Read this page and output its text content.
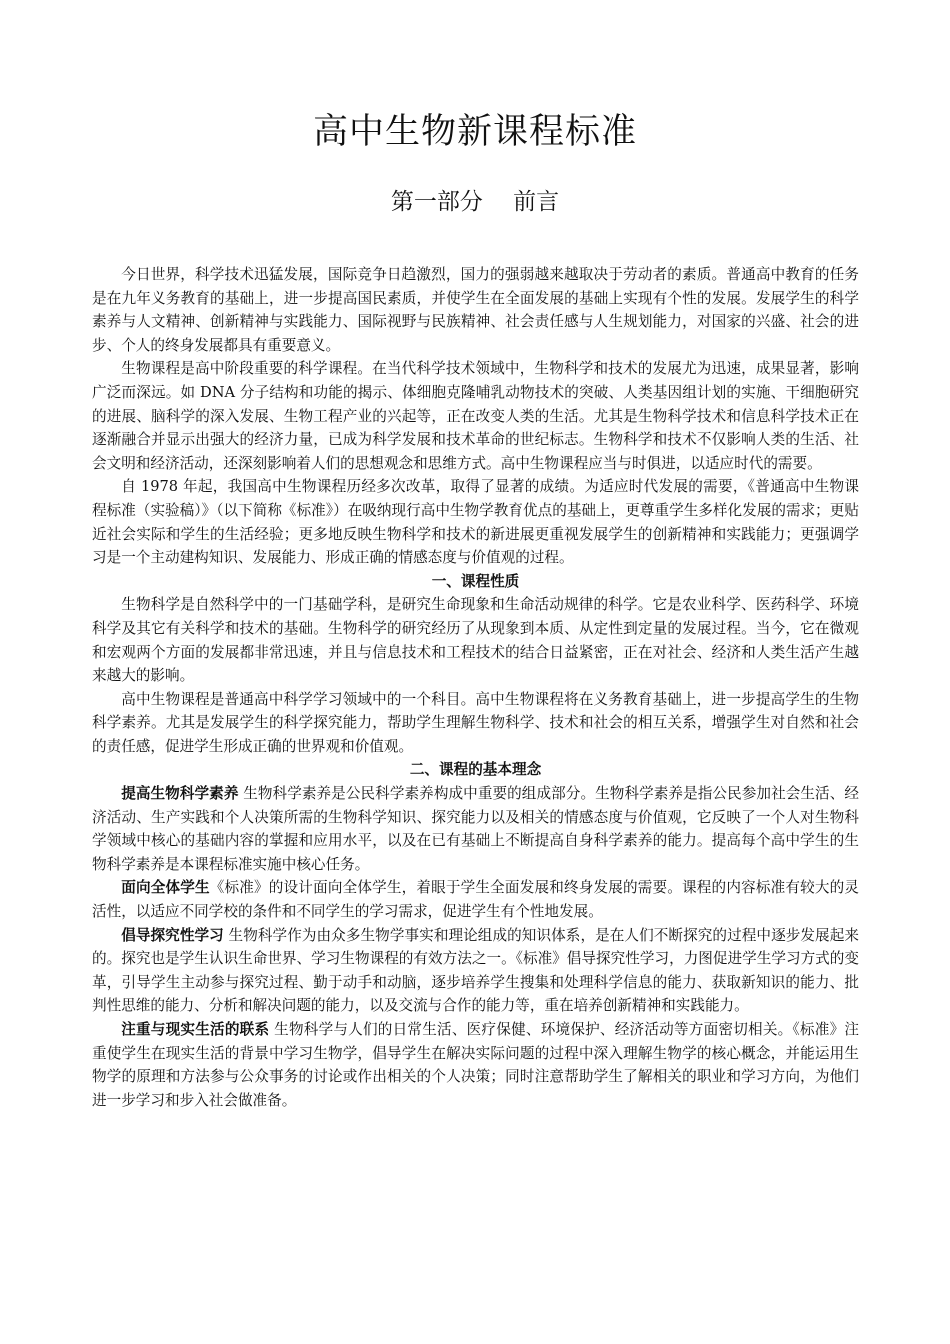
高中生物新课程标准
第一部分　 前言

今日世界，科学技术迅猛发展，国际竞争日趋激烈，国力的强弱越来越取决于劳动者的素质。普通高中教育的任务是在九年义务教育的基础上，进一步提高国民素质，并使学生在全面发展的基础上实现有个性的发展。发展学生的科学素养与人文精神、创新精神与实践能力、国际视野与民族精神、社会责任感与人生规划能力，对国家的兴盛、社会的进步、个人的终身发展都具有重要意义。

生物课程是高中阶段重要的科学课程。在当代科学技术领域中，生物科学和技术的发展尤为迅速，成果显著，影响广泛而深远。如 DNA 分子结构和功能的揭示、体细胞克隆哺乳动物技术的突破、人类基因组计划的实施、干细胞研究的进展、脑科学的深入发展、生物工程产业的兴起等，正在改变人类的生活。尤其是生物科学技术和信息科学技术正在逐渐融合并显示出强大的经济力量，已成为科学发展和技术革命的世纪标志。生物科学和技术不仅影响人类的生活、社会文明和经济活动，还深刻影响着人们的思想观念和思维方式。高中生物课程应当与时俱进，以适应时代的需要。

自 1978 年起，我国高中生物课程历经多次改革，取得了显著的成绩。为适应时代发展的需要，《普通高中生物课程标准（实验稿）》（以下简称《标准》）在吸纳现行高中生物学教育优点的基础上，更尊重学生多样化发展的需求；更贴近社会实际和学生的生活经验；更多地反映生物科学和技术的新进展更重视发展学生的创新精神和实践能力；更强调学习是一个主动建构知识、发展能力、形成正确的情感态度与价值观的过程。

一、课程性质

生物科学是自然科学中的一门基础学科，是研究生命现象和生命活动规律的科学。它是农业科学、医药科学、环境科学及其它有关科学和技术的基础。生物科学的研究经历了从现象到本质、从定性到定量的发展过程。当今，它在微观和宏观两个方面的发展都非常迅速，并且与信息技术和工程技术的结合日益紧密，正在对社会、经济和人类生活产生越来越大的影响。

高中生物课程是普通高中科学学习领域中的一个科目。高中生物课程将在义务教育基础上，进一步提高学生的生物科学素养。尤其是发展学生的科学探究能力，帮助学生理解生物科学、技术和社会的相互关系，增强学生对自然和社会的责任感，促进学生形成正确的世界观和价值观。

二、课程的基本理念

提高生物科学素养 生物科学素养是公民科学素养构成中重要的组成部分。生物科学素养是指公民参加社会生活、经济活动、生产实践和个人决策所需的生物科学知识、探究能力以及相关的情感态度与价值观，它反映了一个人对生物科学领域中核心的基础内容的掌握和应用水平，以及在已有基础上不断提高自身科学素养的能力。提高每个高中学生的生物科学素养是本课程标准实施中核心任务。

面向全体学生《标准》的设计面向全体学生，着眼于学生全面发展和终身发展的需要。课程的内容标准有较大的灵活性，以适应不同学校的条件和不同学生的学习需求，促进学生有个性地发展。

倡导探究性学习 生物科学作为由众多生物学事实和理论组成的知识体系，是在人们不断探究的过程中逐步发展起来的。探究也是学生认识生命世界、学习生物课程的有效方法之一。《标准》倡导探究性学习，力图促进学生学习方式的变革，引导学生主动参与探究过程、勤于动手和动脑，逐步培养学生搜集和处理科学信息的能力、获取新知识的能力、批判性思维的能力、分析和解决问题的能力，以及交流与合作的能力等，重在培养创新精神和实践能力。

注重与现实生活的联系 生物科学与人们的日常生活、医疗保健、环境保护、经济活动等方面密切相关。《标准》注重使学生在现实生活的背景中学习生物学，倡导学生在解决实际问题的过程中深入理解生物学的核心概念，并能运用生物学的原理和方法参与公众事务的讨论或作出相关的个人决策；同时注意帮助学生了解相关的职业和学习方向，为他们进一步学习和步入社会做准备。
